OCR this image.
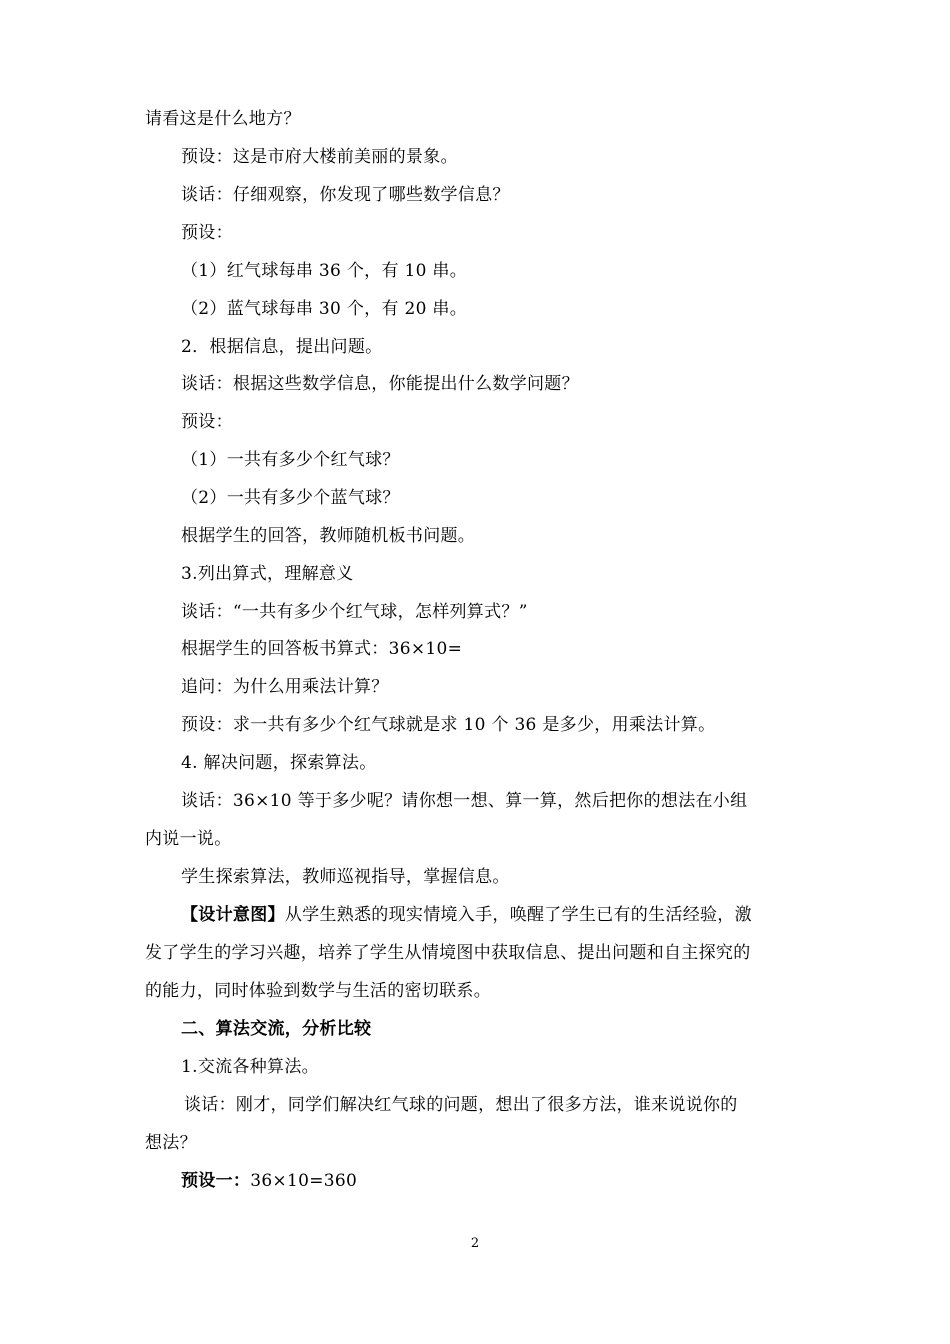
请看这是什么地方？
预设：这是市府大楼前美丽的景象。
谈话：仔细观察，你发现了哪些数学信息？
预设：
（1）红气球每串 36 个，有 10 串。
（2）蓝气球每串 30 个，有 20 串。
2．根据信息，提出问题。
谈话：根据这些数学信息，你能提出什么数学问题？
预设：
（1）一共有多少个红气球？
（2）一共有多少个蓝气球？
根据学生的回答，教师随机板书问题。
3.列出算式，理解意义
谈话：“一共有多少个红气球，怎样列算式？”
根据学生的回答板书算式：36×10=
追问：为什么用乘法计算？
预设：求一共有多少个红气球就是求 10 个 36 是多少，用乘法计算。
4. 解决问题，探索算法。
谈话：36×10 等于多少呢？请你想一想、算一算，然后把你的想法在小组
内说一说。
学生探索算法，教师巡视指导，掌握信息。
【设计意图】从学生熟悉的现实情境入手，唤醒了学生已有的生活经验，激
发了学生的学习兴趣，培养了学生从情境图中获取信息、提出问题和自主探究的
的能力，同时体验到数学与生活的密切联系。
二、算法交流，分析比较
1.交流各种算法。
谈话：刚才，同学们解决红气球的问题，想出了很多方法，谁来说说你的
想法？
预设一：36×10=360
2
